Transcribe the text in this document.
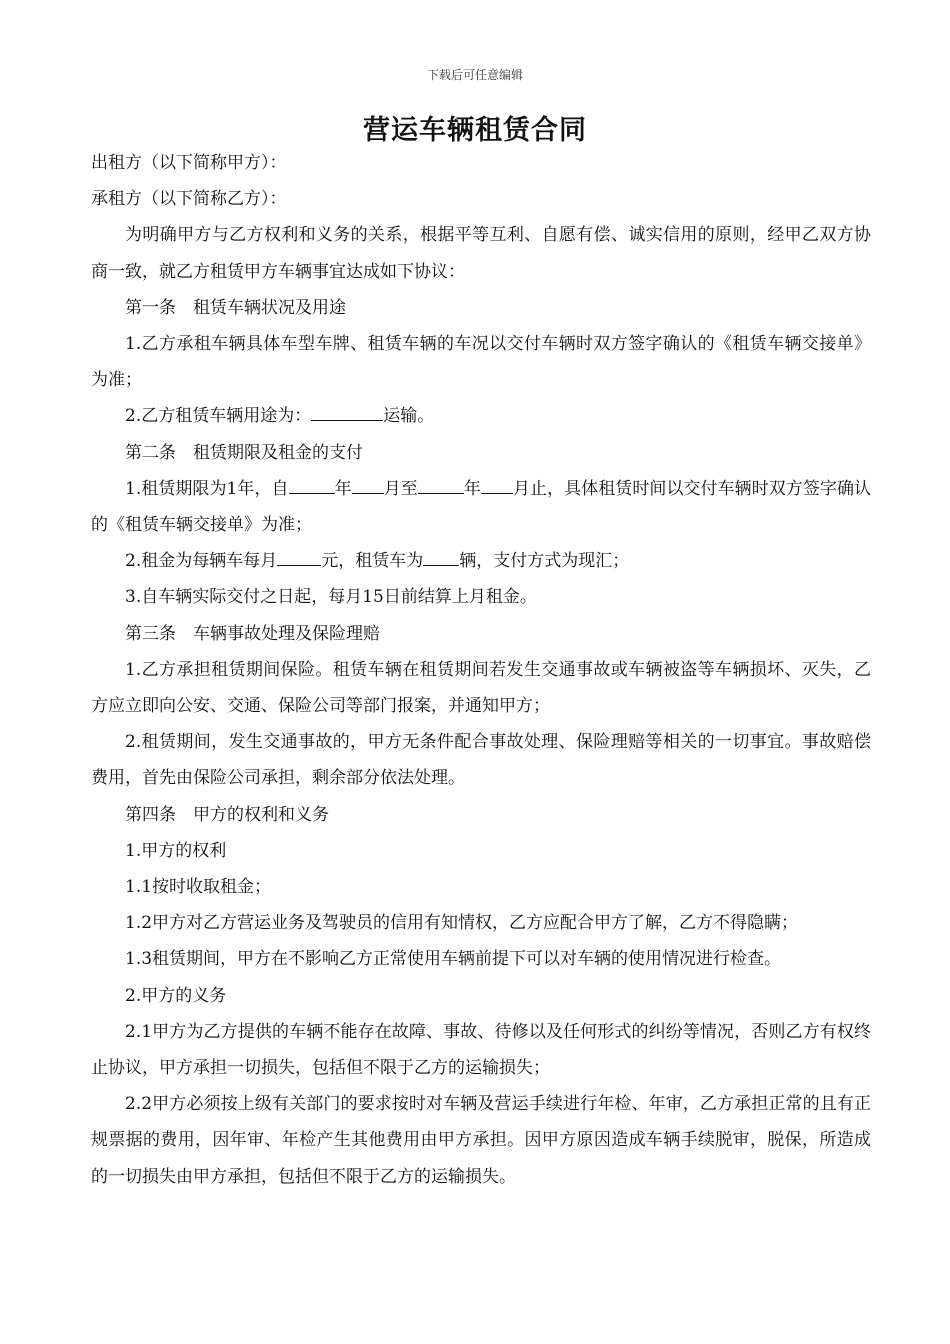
下载后可任意编辑
营运车辆租赁合同

出租方（以下简称甲方）：

承租方（以下简称乙方）：

为明确甲方与乙方权利和义务的关系，根据平等互利、自愿有偿、诚实信用的原则，经甲乙双方协商一致，就乙方租赁甲方车辆事宜达成如下协议：

第一条　租赁车辆状况及用途

1.乙方承租车辆具体车型车牌、租赁车辆的车况以交付车辆时双方签字确认的《租赁车辆交接单》为准；

2.乙方租赁车辆用途为：	运输。

第二条　租赁期限及租金的支付

1.租赁期限为1年，自	年 月至	年 月止，具体租赁时间以交付车辆时双方签字确认的《租赁车辆交接单》为准；

2.租金为每辆车每月	元，租赁车为 辆，支付方式为现汇；

3.自车辆实际交付之日起，每月15日前结算上月租金。

第三条　车辆事故处理及保险理赔

1.乙方承担租赁期间保险。租赁车辆在租赁期间若发生交通事故或车辆被盗等车辆损坏、灭失，乙方应立即向公安、交通、保险公司等部门报案，并通知甲方；

2.租赁期间，发生交通事故的，甲方无条件配合事故处理、保险理赔等相关的一切事宜。事故赔偿费用，首先由保险公司承担，剩余部分依法处理。

第四条　甲方的权利和义务

1.甲方的权利

1.1按时收取租金；

1.2甲方对乙方营运业务及驾驶员的信用有知情权，乙方应配合甲方了解，乙方不得隐瞒；

1.3租赁期间，甲方在不影响乙方正常使用车辆前提下可以对车辆的使用情况进行检查。

2.甲方的义务

2.1甲方为乙方提供的车辆不能存在故障、事故、待修以及任何形式的纠纷等情况，否则乙方有权终止协议，甲方承担一切损失，包括但不限于乙方的运输损失；

2.2甲方必须按上级有关部门的要求按时对车辆及营运手续进行年检、年审，乙方承担正常的且有正规票据的费用，因年审、年检产生其他费用由甲方承担。因甲方原因造成车辆手续脱审，脱保，所造成的一切损失由甲方承担，包括但不限于乙方的运输损失。
